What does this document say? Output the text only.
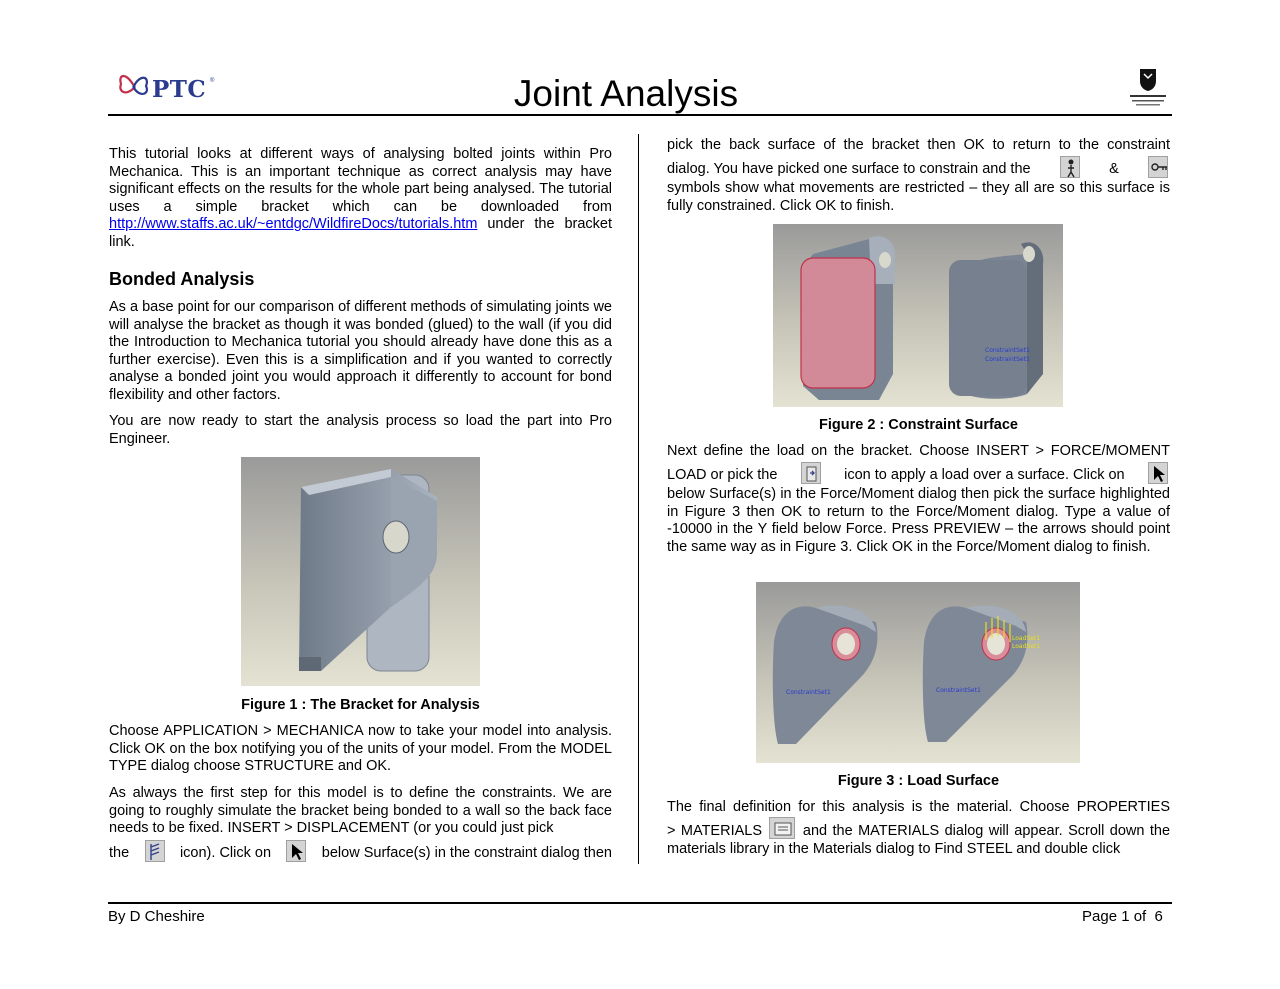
PTC ®	Joint Analysis

This tutorial looks at different ways of analysing bolted joints within Pro Mechanica. This is an important technique as correct analysis may have significant effects on the results for the whole part being analysed. The tutorial uses a simple bracket which can be downloaded from http://www.staffs.ac.uk/~entdgc/WildfireDocs/tutorials.htm under the bracket link.

Bonded Analysis

As a base point for our comparison of different methods of simulating joints we will analyse the bracket as though it was bonded (glued) to the wall (if you did the Introduction to Mechanica tutorial you should already have done this as a further exercise). Even this is a simplification and if you wanted to correctly analyse a bonded joint you would approach it differently to account for bond flexibility and other factors.

You are now ready to start the analysis process so load the part into Pro Engineer.

Figure 1 : The Bracket for Analysis

Choose APPLICATION > MECHANICA now to take your model into analysis. Click OK on the box notifying you of the units of your model. From the MODEL TYPE dialog choose STRUCTURE and OK.

As always the first step for this model is to define the constraints. We are going to roughly simulate the bracket being bonded to a wall so the back face needs to be fixed. INSERT > DISPLACEMENT (or you could just pick

the	icon). Click on	below Surface(s) in the constraint dialog then

pick the back surface of the bracket then OK to return to the constraint

dialog. You have picked one surface to constrain and the	&

symbols show what movements are restricted – they all are so this surface is fully constrained. Click OK to finish.

ConstraintSet1
ConstraintSet1
Figure 2 : Constraint Surface

Next define the load on the bracket. Choose INSERT > FORCE/MOMENT

LOAD or pick the	icon to apply a load over a surface. Click on

below Surface(s) in the Force/Moment dialog then pick the surface highlighted in Figure 3 then OK to return to the Force/Moment dialog. Type a value of -10000 in the Y field below Force. Press PREVIEW – the arrows should point the same way as in Figure 3. Click OK in the Force/Moment dialog to finish.

ConstraintSet1
LoadSet1
LoadSet1
ConstraintSet1
Figure 3 : Load Surface

The final definition for this analysis is the material. Choose PROPERTIES

> MATERIALS	and the MATERIALS dialog will appear. Scroll down the materials library in the Materials dialog to Find STEEL and double click
By D Cheshire	Page 1 of  6
